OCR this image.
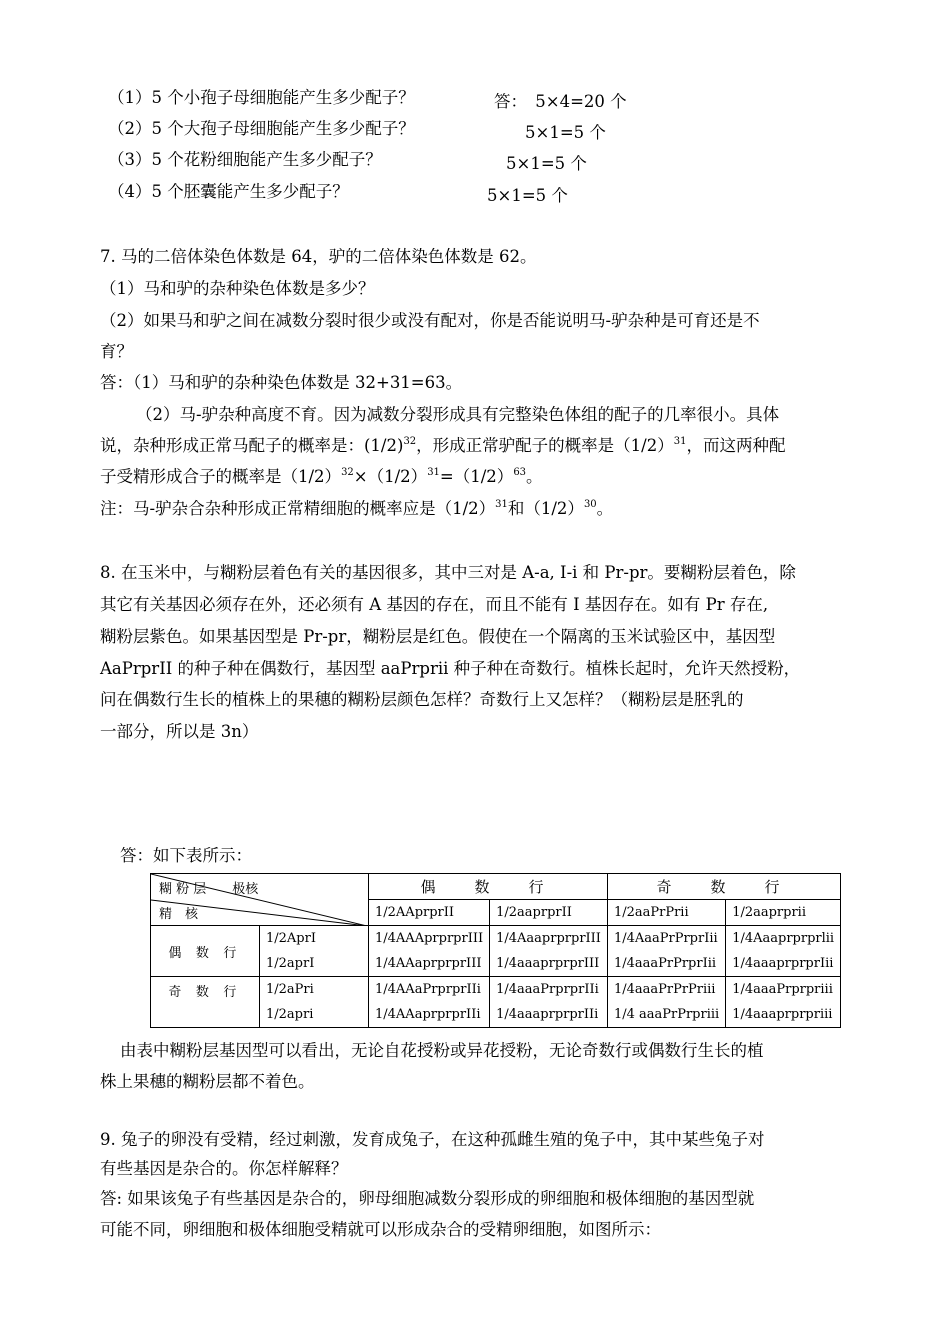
（1）5 个小孢子母细胞能产生多少配子？	答：　5×4=20 个
（2）5 个大孢子母细胞能产生多少配子？	5×1=5 个
（3）5 个花粉细胞能产生多少配子？	5×1=5 个
（4）5 个胚囊能产生多少配子？	5×1=5 个
7. 马的二倍体染色体数是 64，驴的二倍体染色体数是 62。
（1）马和驴的杂种染色体数是多少？
（2）如果马和驴之间在减数分裂时很少或没有配对，你是否能说明马-驴杂种是可育还是不
育？
答：（1）马和驴的杂种染色体数是 32+31=63。
（2）马-驴杂种高度不育。因为减数分裂形成具有完整染色体组的配子的几率很小。具体
说，杂种形成正常马配子的概率是：$(1/2)^{32}$，形成正常驴配子的概率是$(1/2)^{31}$，而这两种配
子受精形成合子的概率是$(1/2)^{32}\times(1/2)^{31}=(1/2)^{63}$。
注：马-驴杂合杂种形成正常精细胞的概率应是$(1/2)^{31}$和$(1/2)^{30}$。
8. 在玉米中，与糊粉层着色有关的基因很多，其中三对是 A-a, I-i 和 Pr-pr。要糊粉层着色，除
其它有关基因必须存在外，还必须有 A 基因的存在，而且不能有 I 基因存在。如有 Pr 存在,
糊粉层紫色。如果基因型是 Pr-pr，糊粉层是红色。假使在一个隔离的玉米试验区中，基因型
AaPrprII 的种子种在偶数行，基因型 aaPrprii 种子种在奇数行。植株长起时，允许天然授粉，
问在偶数行生长的植株上的果穗的糊粉层颜色怎样？奇数行上又怎样？（糊粉层是胚乳的
一部分，所以是 3n）
答：如下表所示：
糊 粉 层　　极核
精　核		偶　数　行		奇　数　行	
		1/2AAprprII	1/2aaprprII	1/2aaPrPrii	1/2aaprprii
偶 数 行	1/2AprI	1/4AAAprprprIII	1/4AaaprprprIII	1/4AaaPrPrprIii	1/4Aaaprprprlii
	1/2aprI	1/4AAaprprprIII	1/4aaaprprprIII	1/4aaaPrPrprIii	1/4aaaprprprIii
奇 数 行	1/2aPri	1/4AAaPrprprIIi	1/4aaaPrprprIIi	1/4aaaPrPrPriii	1/4aaaPrprpriii
	1/2apri	1/4AAaprprprIIi	1/4aaaprprprIIi	1/4 aaaPrPrpriii	1/4aaaprprpriii
由表中糊粉层基因型可以看出，无论自花授粉或异花授粉，无论奇数行或偶数行生长的植
株上果穗的糊粉层都不着色。
9. 兔子的卵没有受精，经过刺激，发育成兔子，在这种孤雌生殖的兔子中，其中某些兔子对
有些基因是杂合的。你怎样解释？
答: 如果该兔子有些基因是杂合的，卵母细胞减数分裂形成的卵细胞和极体细胞的基因型就
可能不同，卵细胞和极体细胞受精就可以形成杂合的受精卵细胞，如图所示：
